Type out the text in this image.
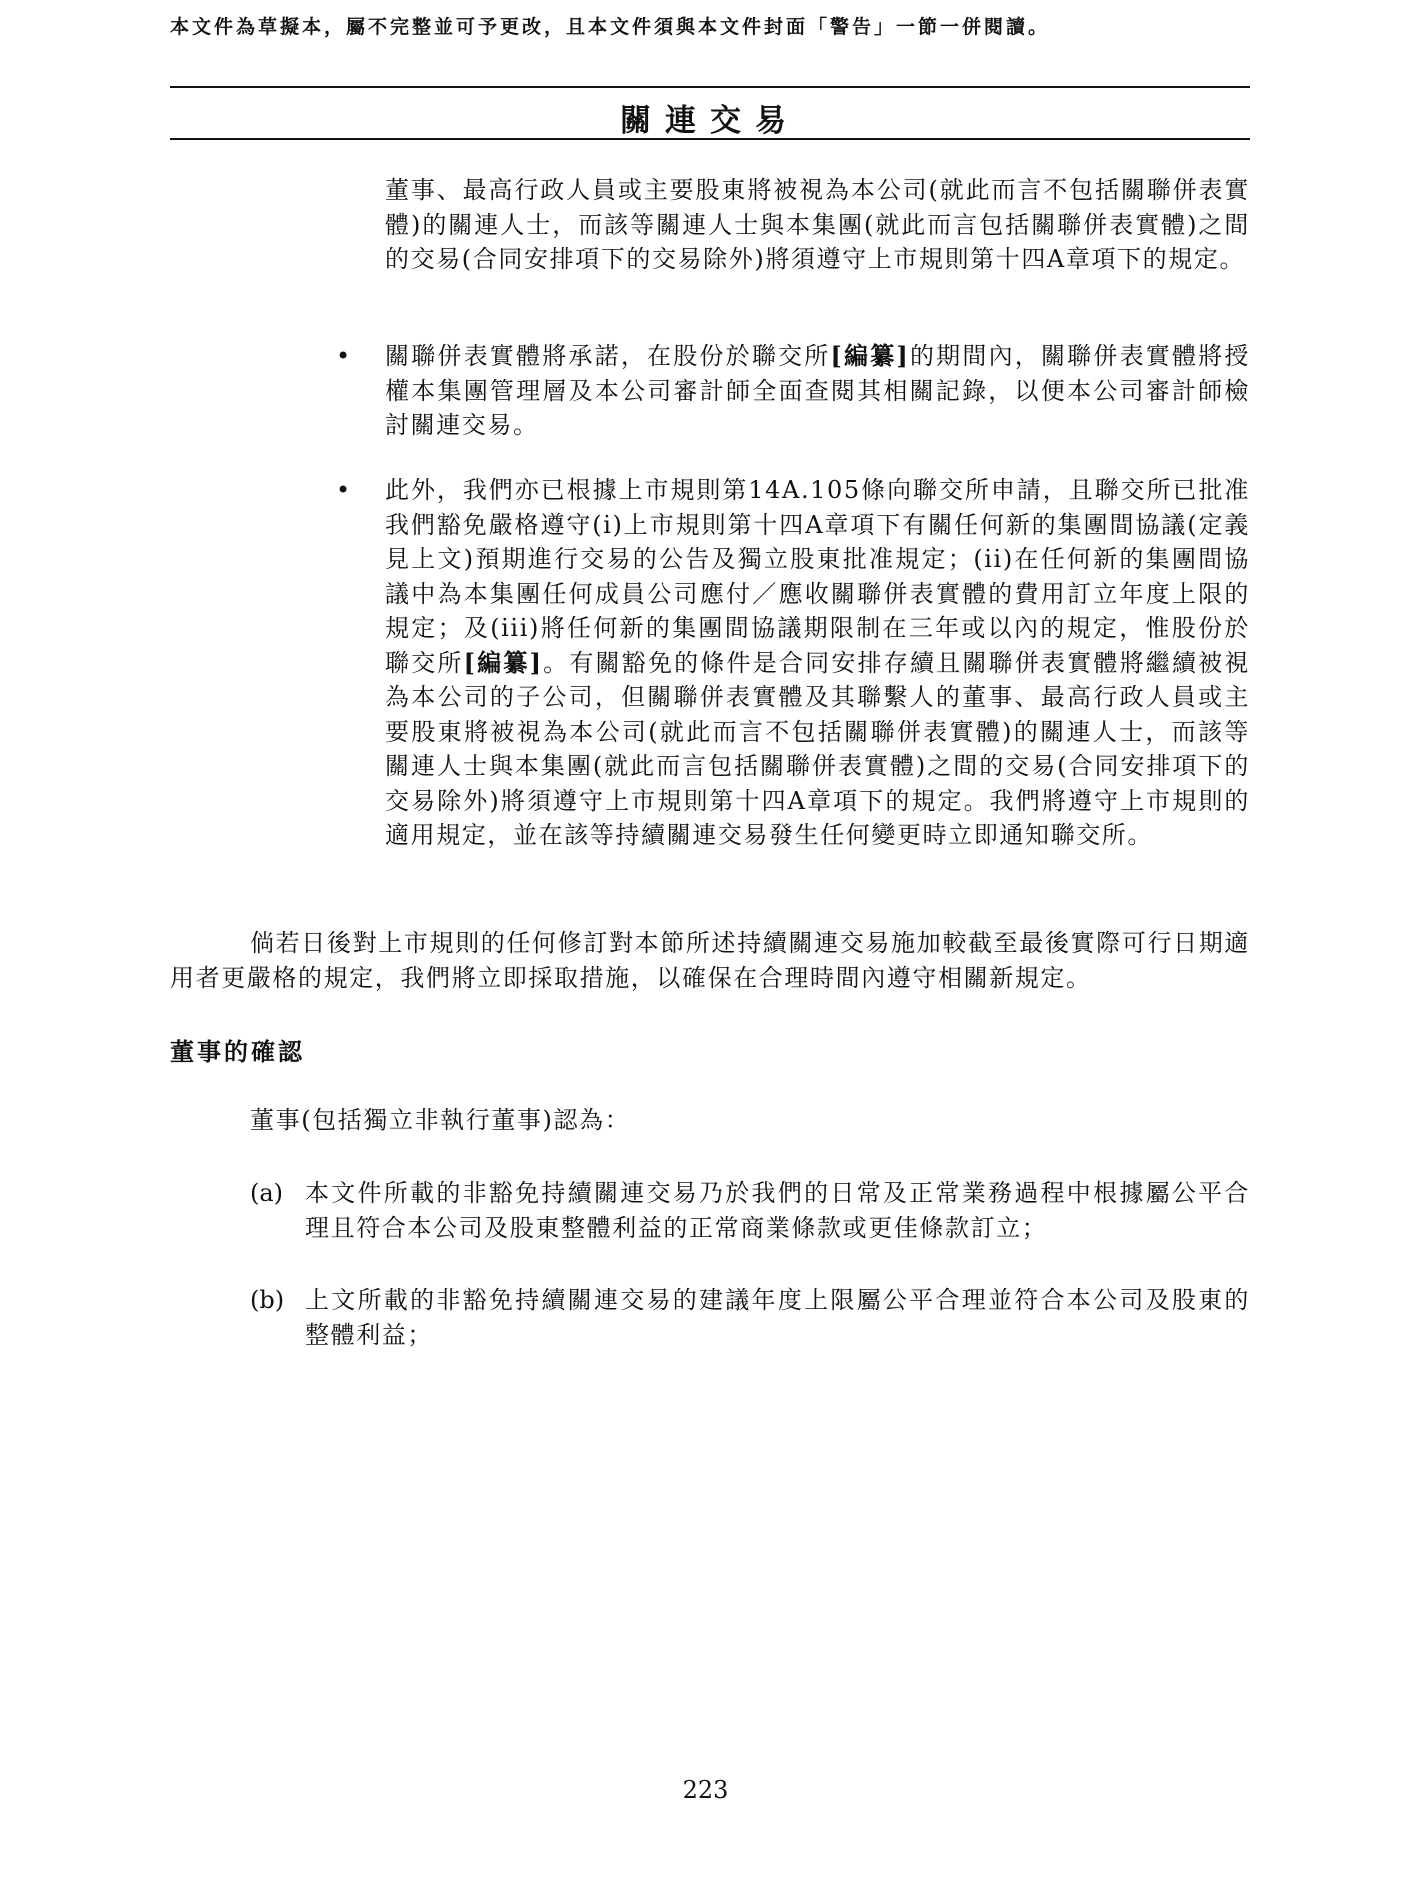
本文件為草擬本，屬不完整並可予更改，且本文件須與本文件封面「警告」一節一併閱讀。
關連交易

董事、最高行政人員或主要股東將被視為本公司(就此而言不包括關聯併表實體)的關連人士，而該等關連人士與本集團(就此而言包括關聯併表實體)之間的交易(合同安排項下的交易除外)將須遵守上市規則第十四A章項下的規定。

• 關聯併表實體將承諾，在股份於聯交所[編纂]的期間內，關聯併表實體將授權本集團管理層及本公司審計師全面查閱其相關記錄，以便本公司審計師檢討關連交易。

• 此外，我們亦已根據上市規則第14A.105條向聯交所申請，且聯交所已批准我們豁免嚴格遵守(i)上市規則第十四A章項下有關任何新的集團間協議(定義見上文)預期進行交易的公告及獨立股東批准規定；(ii)在任何新的集團間協議中為本集團任何成員公司應付／應收關聯併表實體的費用訂立年度上限的規定；及(iii)將任何新的集團間協議期限制在三年或以內的規定，惟股份於聯交所[編纂]。有關豁免的條件是合同安排存續且關聯併表實體將繼續被視為本公司的子公司，但關聯併表實體及其聯繫人的董事、最高行政人員或主要股東將被視為本公司(就此而言不包括關聯併表實體)的關連人士，而該等關連人士與本集團(就此而言包括關聯併表實體)之間的交易(合同安排項下的交易除外)將須遵守上市規則第十四A章項下的規定。我們將遵守上市規則的適用規定，並在該等持續關連交易發生任何變更時立即通知聯交所。

倘若日後對上市規則的任何修訂對本節所述持續關連交易施加較截至最後實際可行日期適用者更嚴格的規定，我們將立即採取措施，以確保在合理時間內遵守相關新規定。

董事的確認

董事(包括獨立非執行董事)認為：

(a) 本文件所載的非豁免持續關連交易乃於我們的日常及正常業務過程中根據屬公平合理且符合本公司及股東整體利益的正常商業條款或更佳條款訂立；

(b) 上文所載的非豁免持續關連交易的建議年度上限屬公平合理並符合本公司及股東的整體利益；

223
